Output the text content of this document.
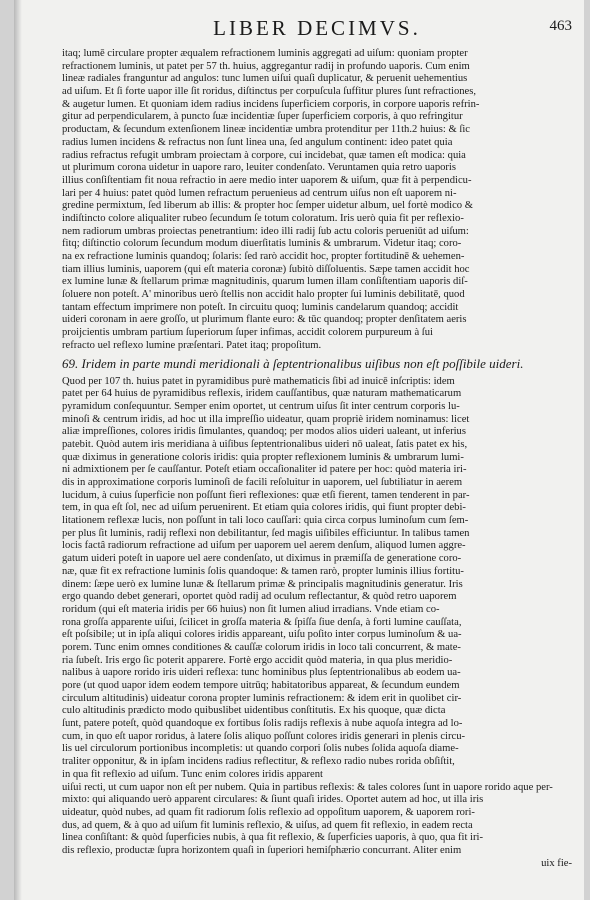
LIBER DECIMVS.	463
itaq; lumē circulare propter æqualem refractionem luminis aggregati ad uiſum: quoniam propter
refractionem luminis, ut patet per 57 th. huius, aggregantur radij in profundo uaporis. Cum enim
lineæ radiales franguntur ad angulos: tunc lumen uiſui quaſi duplicatur, & peruenit uehementius
ad uiſum. Et ſi forte uapor ille ſit roridus, diſtinctus per corpuſcula ſuffitur plures ſunt refractiones,
& augetur lumen. Et quoniam idem radius incidens ſuperficiem corporis, in corpore uaporis refrin-
gitur ad perpendicularem, à puncto ſuæ incidentiæ ſuper ſuperficiem corporis, à quo refringitur
productam, & ſecundum extenſionem lineæ incidentiæ umbra protenditur per 11th.2 huius: & ſic
radius lumen incidens & refractus non ſunt linea una, ſed angulum continent: ideo patet quia
radius refractus refugit umbram proiectam à corpore, cui incidebat, quæ tamen eſt modica: quia
ut plurimum corona uidetur in uapore raro, leuiter condenſato. Veruntamen quia retro uaporis
illius conſiſtentiam fit noua refractio in aere medio inter uaporem & uiſum, quæ fit à perpendicu-
lari per 4 huius: patet quòd lumen refractum peruenieus ad centrum uiſus non eſt uaporem ni-
gredine permixtum, ſed liberum ab illis: & propter hoc ſemper uidetur album, uel fortè modico &
indiſtincto colore aliqualiter rubeo ſecundum ſe totum coloratum. Iris uerò quia fit per reflexio-
nem radiorum umbras proiectas penetrantium: ideo illi radij ſub actu coloris perueniūt ad uiſum:
fitq; diſtinctio colorum ſecundum modum diuerſitatis luminis & umbrarum. Videtur itaq; coro-
na ex refractione luminis quandoq; ſolaris: ſed rarò accidit hoc, propter fortitudinē & uehemen-
tiam illius luminis, uaporem (qui eſt materia coronæ) ſubitò diſſoluentis. Sæpe tamen accidit hoc
ex lumine lunæ & ſtellarum primæ magnitudinis, quarum lumen illam conſiſtentiam uaporis diſ-
ſoluere non poteſt. A' minoribus uerò ſtellis non accidit halo propter ſui luminis debilitatē, quod
tantam effectum imprimere non poteſt. In circuitu quoq; luminis candelarum quandoq; accidit
uideri coronam in aere groſſo, ut plurimum flante euro: & tūc quandoq; propter denſitatem aeris
proijcientis umbram partium ſuperiorum ſuper infimas, accidit colorem purpureum à ſui
refracto uel reflexo lumine præſentari. Patet itaq; propoſitum.
69. Iridem in parte mundi meridionali à ſeptentrionalibus uiſibus non eſt poſſibile uideri.
Quod per 107 th. huius patet in pyramidibus purè mathematicis ſibi ad inuicē inſcriptis: idem
patet per 64 huius de pyramidibus reflexis, iridem cauſſantibus, quæ naturam mathematicarum
pyramidum conſequuntur. Semper enim oportet, ut centrum uiſus ſit inter centrum corporis lu-
minoſi & centrum iridis, ad hoc ut illa impreſſio uideatur, quam propriè iridem nominamus: licet
aliæ impreſſiones, colores iridis ſimulantes, quandoq; per modos alios uideri ualeant, ut inferius
patebit. Quòd autem iris meridiana à uiſibus ſeptentrionalibus uideri nō ualeat, ſatis patet ex his,
quæ diximus in generatione coloris iridis: quia propter reflexionem luminis & umbrarum lumi-
ni admixtionem per ſe cauſſantur. Poteſt etiam occaſionaliter id patere per hoc: quòd materia iri-
dis in approximatione corporis luminoſi de facili reſoluitur in uaporem, uel ſubtiliatur in aerem
lucidum, à cuius ſuperficie non poſſunt fieri reflexiones: quæ etſi fierent, tamen tenderent in par-
tem, in qua eſt ſol, nec ad uiſum peruenirent. Et etiam quia colores iridis, qui fiunt propter debi-
litationem reflexæ lucis, non poſſunt in tali loco cauſſari: quia circa corpus luminoſum cum ſem-
per plus ſit luminis, radij reflexi non debilitantur, ſed magis uiſibiles efficiuntur. In talibus tamen
locis factâ radiorum refractione ad uiſum per uaporem uel aerem denſum, aliquod lumen aggre-
gatum uideri poteſt in uapore uel aere condenſato, ut diximus in præmiſſa de generatione coro-
næ, quæ fit ex refractione luminis ſolis quandoque: & tamen rarò, propter luminis illius fortitu-
dinem: ſæpe uerò ex lumine lunæ & ſtellarum primæ & principalis magnitudinis generatur. Iris
ergo quando debet generari, oportet quòd radij ad oculum reflectantur, & quòd retro uaporem
roridum (qui eſt materia iridis per 66 huius) non ſit lumen aliud irradians. Vnde etiam co-
rona groſſa apparente uiſui, ſcilicet in groſſa materia & ſpiſſa ſiue denſa, à forti lumine cauſſata,
eſt poſsibile; ut in ipſa aliqui colores iridis appareant, uiſu poſito inter corpus luminoſum & ua-
porem. Tunc enim omnes conditiones & cauſſæ colorum iridis in loco tali concurrent, & mate-
ria ſubeſt. Iris ergo ſic poterit apparere. Fortè ergo accidit quòd materia, in qua plus meridio-
nalibus à uapore rorido iris uideri reflexa: tunc hominibus plus ſeptentrionalibus ab eodem ua-
pore (ut quod uapor idem eodem tempore uitrūq; habitatoribus appareat, & ſecundum eundem
circulum altitudinis) uideatur corona propter luminis refractionem: & idem erit in quolibet cir-
culo altitudinis prædicto modo quibuslibet uidentibus conſtitutis. Ex his quoque, quæ dicta
ſunt, patere poteſt, quòd quandoque ex fortibus ſolis radijs reflexis à nube aquoſa integra ad lo-
cum, in quo eſt uapor roridus, à latere ſolis aliquo poſſunt colores iridis generari in plenis circu-
lis uel circulorum portionibus incompletis: ut quando corpori ſolis nubes ſolida aquoſa diame-
traliter opponitur, & in ipſam incidens radius reflectitur, & reflexo radio nubes rorida obſiſtit,
in qua fit reflexio ad uiſum. Tunc enim colores iridis apparent
uiſui recti, ut cum uapor non eſt per nubem. Quia in partibus reflexis: & tales colores ſunt in uapore rorido aque per-
mixto: qui aliquando uerò apparent circulares: & ſiunt quaſi irides. Oportet autem ad hoc, ut illa iris
uideatur, quòd nubes, ad quam fit radiorum ſolis reflexio ad oppoſitum uaporem, & uaporem rori-
dus, ad quem, & à quo ad uiſum fit luminis reflexio, & uiſus, ad quem fit reflexio, in eadem recta
linea conſiſtant: & quòd ſuperficies nubis, à qua fit reflexio, & ſuperficies uaporis, à quo, qua fit iri-
dis reflexio, productæ ſupra horizontem quaſi in ſuperiori hemiſphærio concurrant. Aliter enim
uix fie-
